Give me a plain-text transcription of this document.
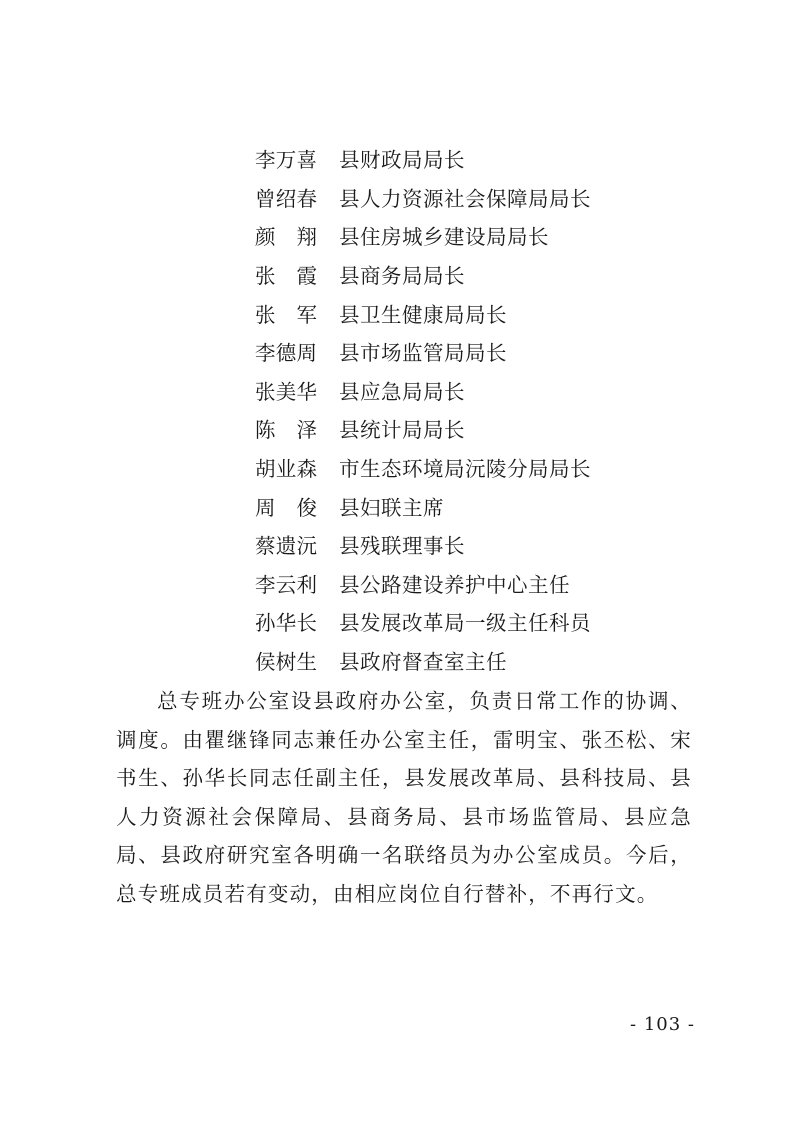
李万喜 县财政局局长
曾绍春 县人力资源社会保障局局长
颜翔 县住房城乡建设局局长
张霞 县商务局局长
张军 县卫生健康局局长
李德周 县市场监管局局长
张美华 县应急局局长
陈泽 县统计局局长
胡业森 市生态环境局沅陵分局局长
周俊 县妇联主席
蔡遗沅 县残联理事长
李云利 县公路建设养护中心主任
孙华长 县发展改革局一级主任科员
侯树生 县政府督查室主任

总专班办公室设县政府办公室，负责日常工作的协调、调度。由瞿继锋同志兼任办公室主任，雷明宝、张丕松、宋书生、孙华长同志任副主任，县发展改革局、县科技局、县人力资源社会保障局、县商务局、县市场监管局、县应急局、县政府研究室各明确一名联络员为办公室成员。今后，总专班成员若有变动，由相应岗位自行替补，不再行文。

- 103 -
